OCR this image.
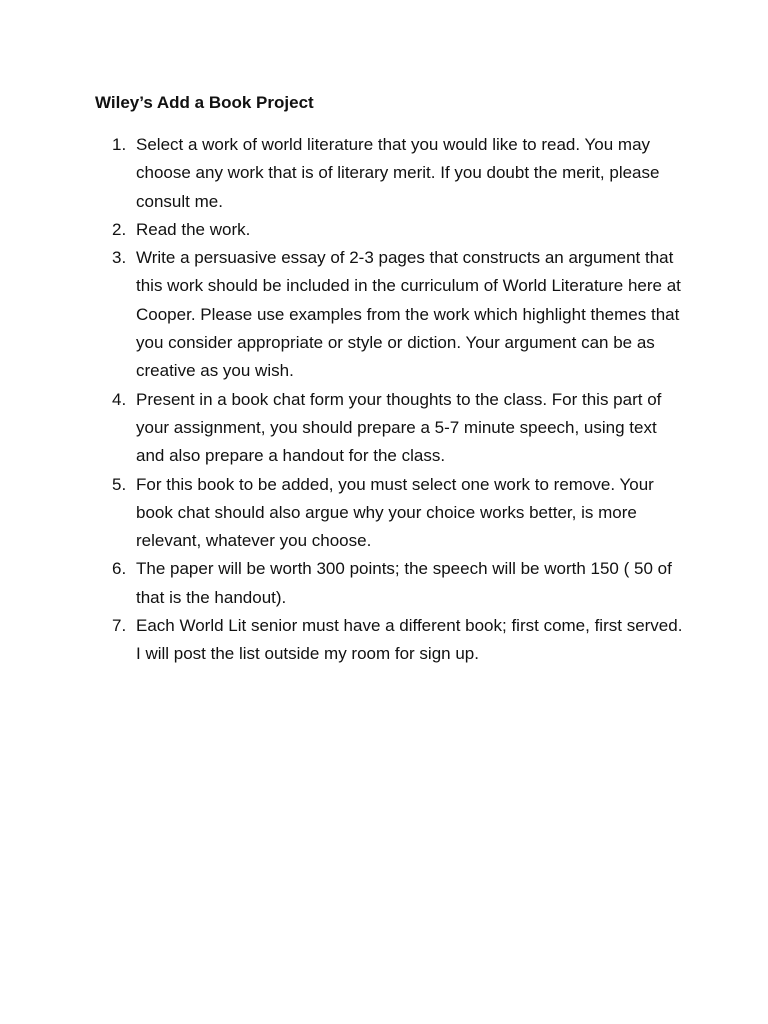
Wiley’s Add a Book Project
1. Select a work of world literature that you would like to read. You may choose any work that is of literary merit. If you doubt the merit, please consult me.
2. Read the work.
3. Write a persuasive essay of 2-3 pages that constructs an argument that this work should be included in the curriculum of World Literature here at Cooper. Please use examples from the work which highlight themes that you consider appropriate or style or diction. Your argument can be as creative as you wish.
4. Present in a book chat form your thoughts to the class. For this part of your assignment, you should prepare a 5-7 minute speech, using text and also prepare a handout for the class.
5. For this book to be added, you must select one work to remove. Your book chat should also argue why your choice works better, is more relevant, whatever you choose.
6. The paper will be worth 300 points; the speech will be worth 150 ( 50 of that is the handout).
7. Each World Lit senior must have a different book; first come, first served. I will post the list outside my room for sign up.
